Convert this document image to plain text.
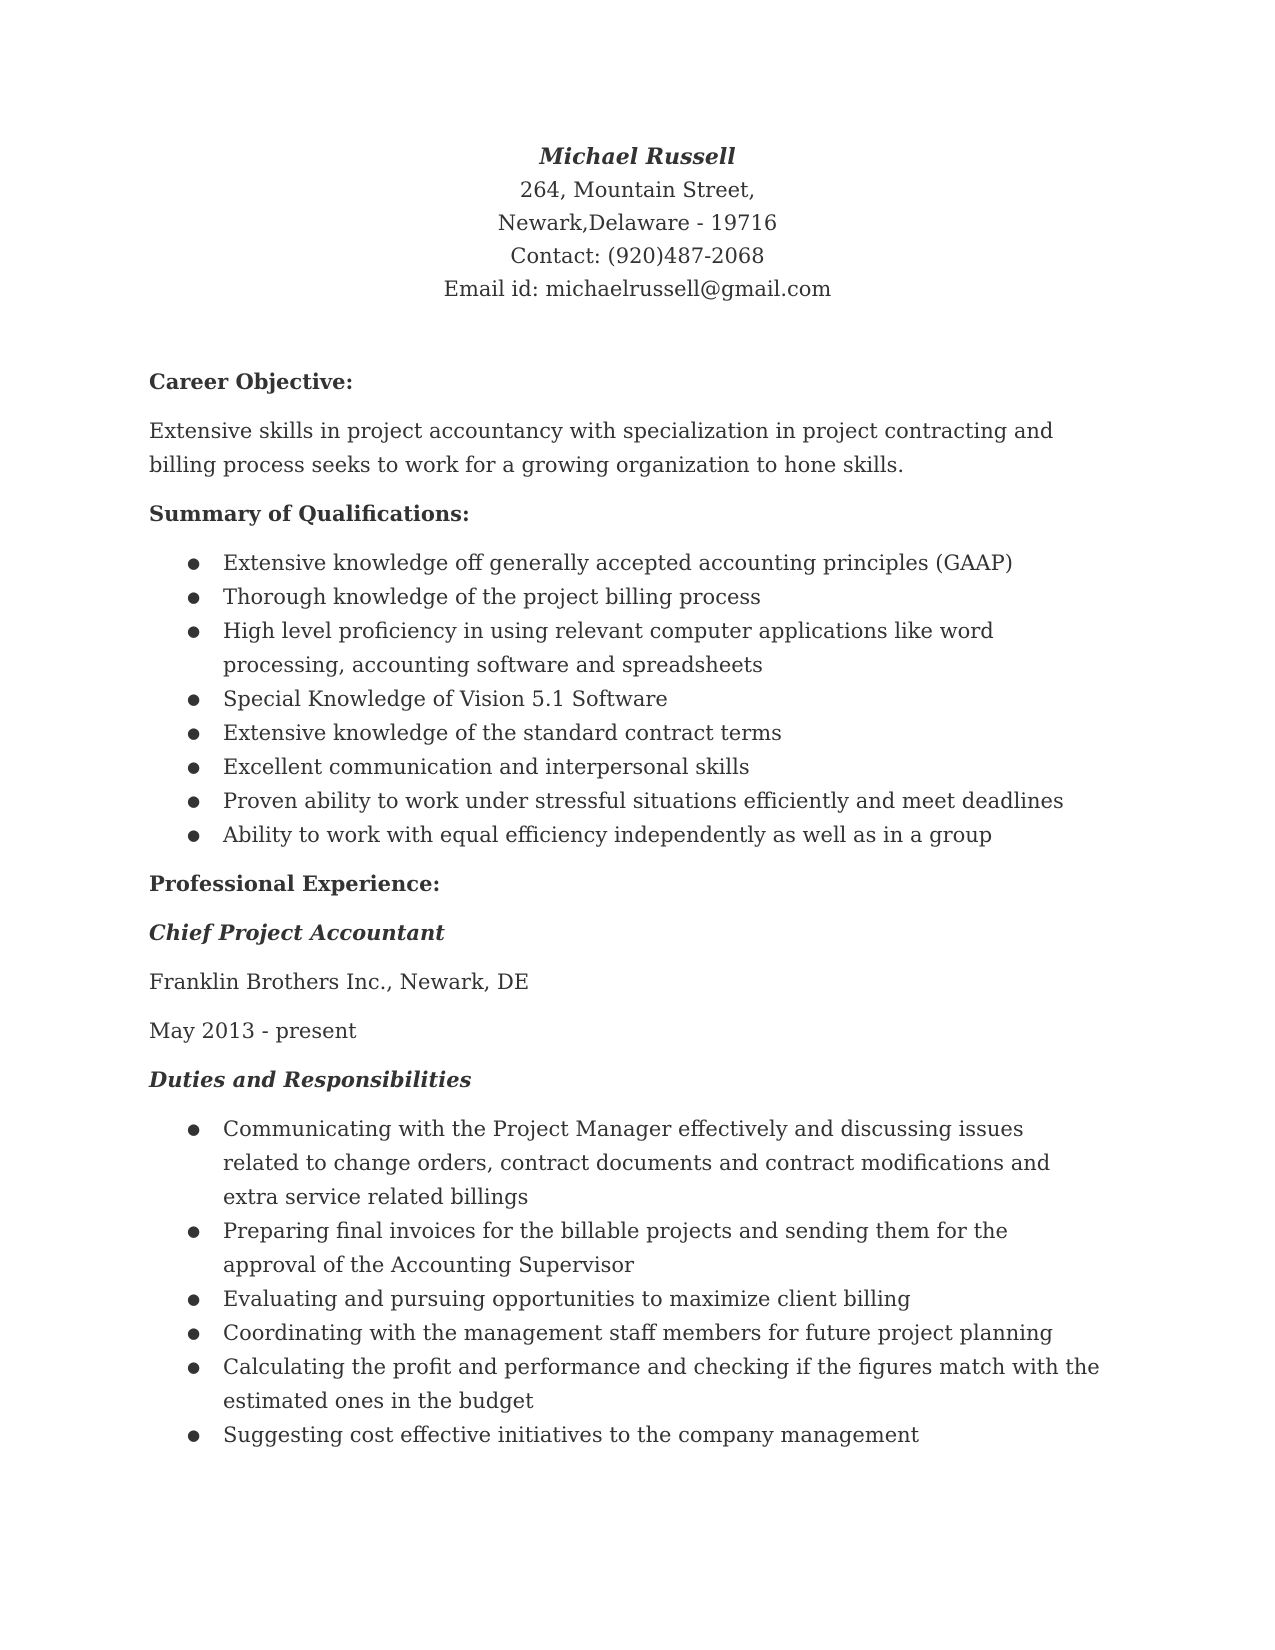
Michael Russell
264, Mountain Street,
Newark,Delaware - 19716
Contact: (920)487-2068
Email id: michaelrussell@gmail.com
Career Objective:
Extensive skills in project accountancy with specialization in project contracting and
billing process seeks to work for a growing organization to hone skills.
Summary of Qualifications:
● Extensive knowledge off generally accepted accounting principles (GAAP)
● Thorough knowledge of the project billing process
● High level proficiency in using relevant computer applications like word
processing, accounting software and spreadsheets
● Special Knowledge of Vision 5.1 Software
● Extensive knowledge of the standard contract terms
● Excellent communication and interpersonal skills
● Proven ability to work under stressful situations efficiently and meet deadlines
● Ability to work with equal efficiency independently as well as in a group
Professional Experience:
Chief Project Accountant
Franklin Brothers Inc., Newark, DE
May 2013 - present
Duties and Responsibilities
● Communicating with the Project Manager effectively and discussing issues
related to change orders, contract documents and contract modifications and
extra service related billings
● Preparing final invoices for the billable projects and sending them for the
approval of the Accounting Supervisor
● Evaluating and pursuing opportunities to maximize client billing
● Coordinating with the management staff members for future project planning
● Calculating the profit and performance and checking if the figures match with the
estimated ones in the budget
● Suggesting cost effective initiatives to the company management
